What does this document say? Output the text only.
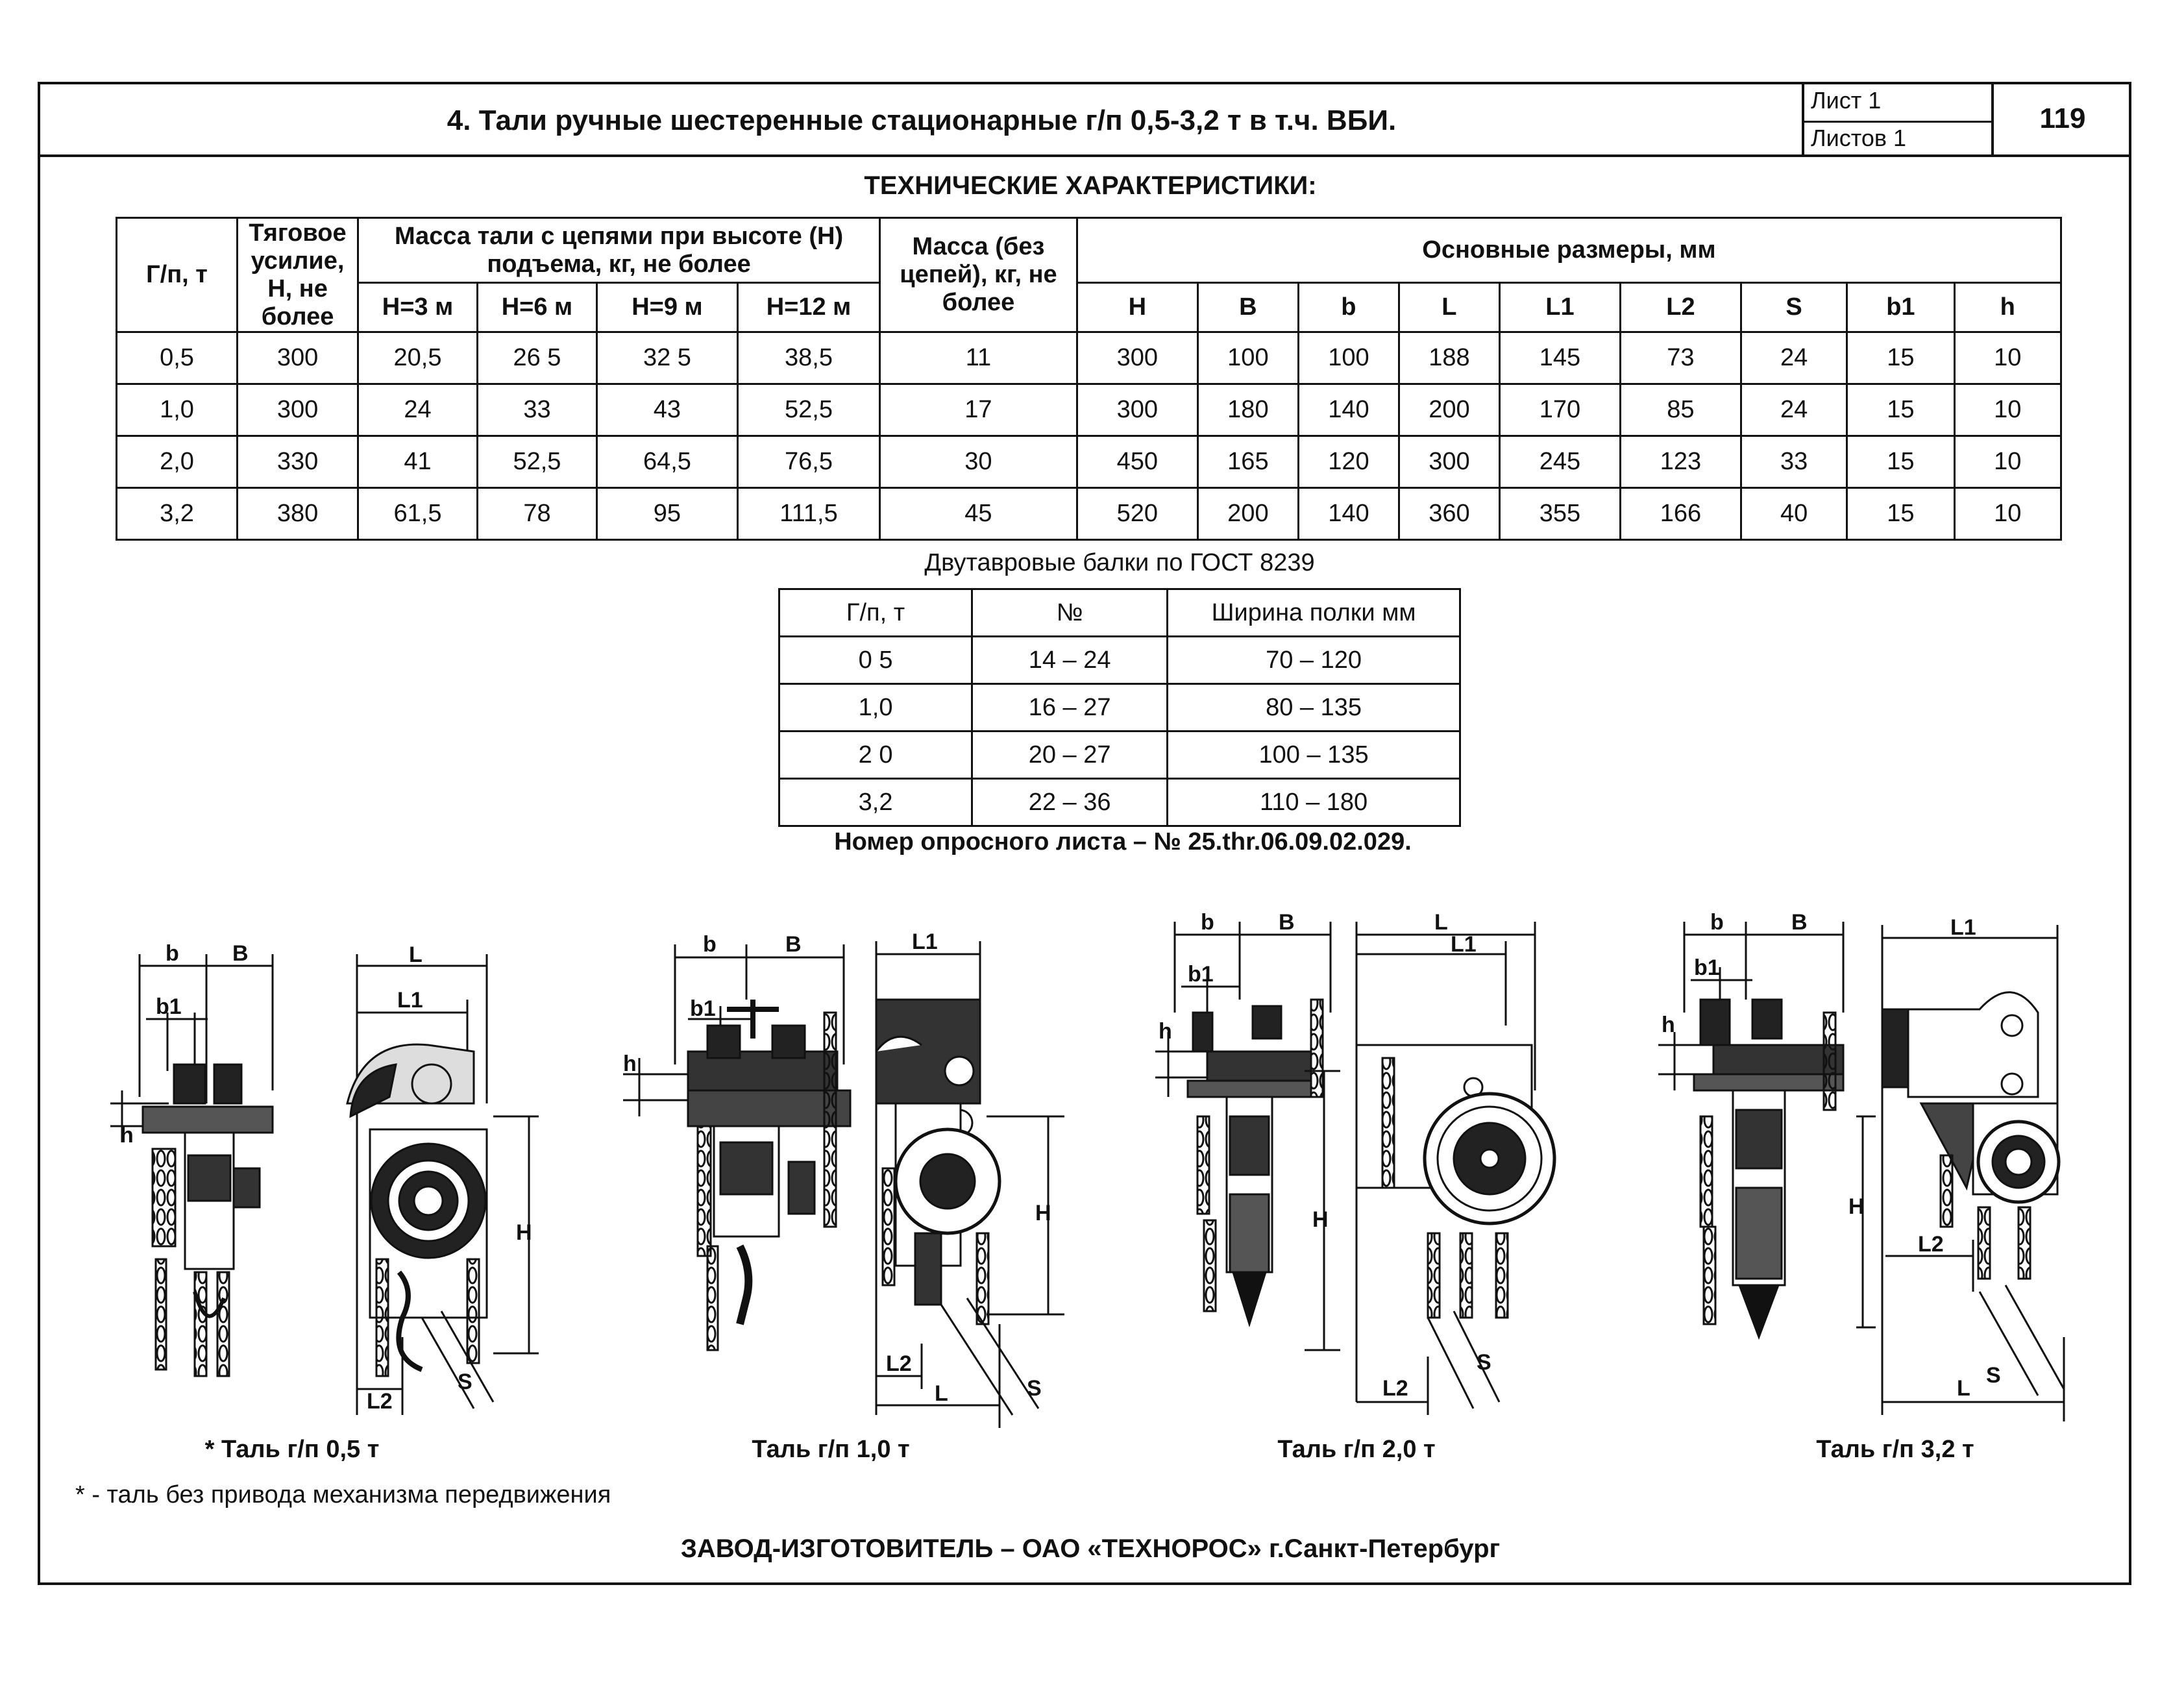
4. Тали ручные шестеренные стационарные г/п 0,5-3,2 т в т.ч. ВБИ.
Лист 1
Листов 1
119
ТЕХНИЧЕСКИЕ ХАРАКТЕРИСТИКИ:
Г/п, т	Тяговое усилие, Н, не более	Масса тали с цепями при высоте (Н) подъема, кг, не более				Масса (без цепей), кг, не более	Основные размеры, мм								
		Н=3 м	Н=6 м	Н=9 м	Н=12 м		H	B	b	L	L1	L2	S	b1	h
0,5	300	20,5	26 5	32 5	38,5	11	300	100	100	188	145	73	24	15	10
1,0	300	24	33	43	52,5	17	300	180	140	200	170	85	24	15	10
2,0	330	41	52,5	64,5	76,5	30	450	165	120	300	245	123	33	15	10
3,2	380	61,5	78	95	111,5	45	520	200	140	360	355	166	40	15	10
Двутавровые балки по ГОСТ 8239
Г/п, т	№	Ширина полки мм
0 5	14 – 24	70 – 120
1,0	16 – 27	80 – 135
2 0	20 – 27	100 – 135
3,2	22 – 36	110 – 180
Номер опросного листа – № 25.thr.06.09.02.029.
b B
b1
h
L
L1
H
L2
S
b	B
b1
h
L1
H
L2
L	S
b	B
b1
h
L
L1
H
L2
S
b	B
b1
h
L1
H
L2
L
S
* Таль г/п 0,5 т	Таль г/п 1,0 т	Таль г/п 2,0 т	Таль г/п 3,2 т
* - таль без привода механизма передвижения
ЗАВОД-ИЗГОТОВИТЕЛЬ – ОАО «ТЕХНОРОС» г.Санкт-Петербург
